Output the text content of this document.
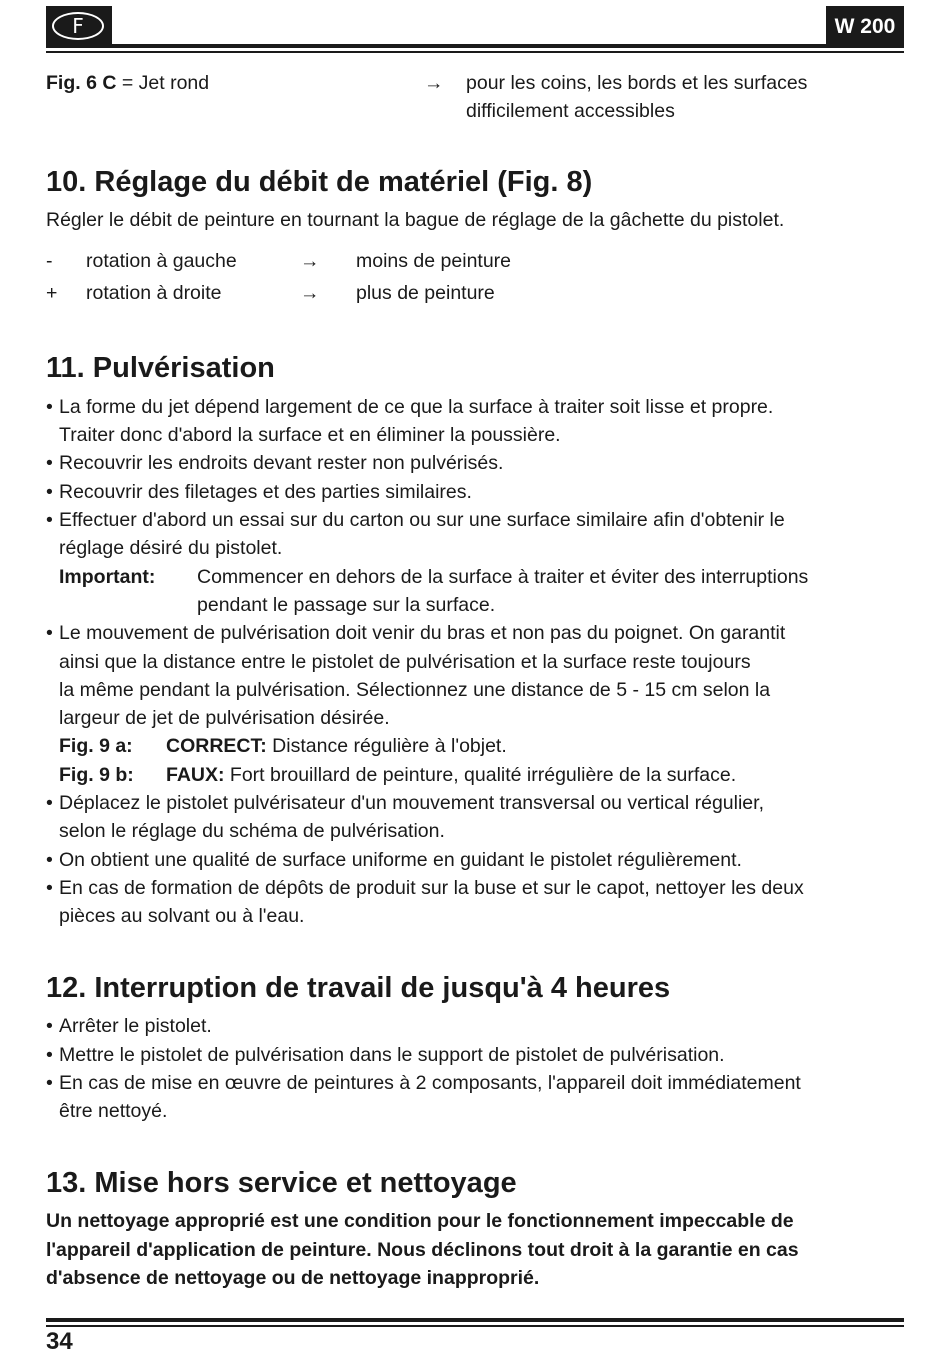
F	W 200
Fig. 6 C = Jet rond	→ pour les coins, les bords et les surfaces
difficilement accessibles
10. Réglage du débit de matériel (Fig. 8)
Régler le débit de peinture en tournant la bague de réglage de la gâchette du pistolet.
- rotation à gauche	→ moins de peinture
+ rotation à droite	→ plus de peinture
11. Pulvérisation
• La forme du jet dépend largement de ce que la surface à traiter soit lisse et propre.
Traiter donc d'abord la surface et en éliminer la poussière.
• Recouvrir les endroits devant rester non pulvérisés.
• Recouvrir des filetages et des parties similaires.
• Effectuer d'abord un essai sur du carton ou sur une surface similaire afin d'obtenir le
réglage désiré du pistolet.
Important: Commencer en dehors de la surface à traiter et éviter des interruptions
pendant le passage sur la surface.
• Le mouvement de pulvérisation doit venir du bras et non pas du poignet. On garantit
ainsi que la distance entre le pistolet de pulvérisation et la surface reste toujours
la même pendant la pulvérisation. Sélectionnez une distance de 5 - 15 cm selon la
largeur de jet de pulvérisation désirée.
Fig. 9 a: CORRECT: Distance régulière à l'objet.
Fig. 9 b: FAUX: Fort brouillard de peinture, qualité irrégulière de la surface.
• Déplacez le pistolet pulvérisateur d'un mouvement transversal ou vertical régulier,
selon le réglage du schéma de pulvérisation.
• On obtient une qualité de surface uniforme en guidant le pistolet régulièrement.
• En cas de formation de dépôts de produit sur la buse et sur le capot, nettoyer les deux
pièces au solvant ou à l'eau.
12. Interruption de travail de jusqu'à 4 heures
• Arrêter le pistolet.
• Mettre le pistolet de pulvérisation dans le support de pistolet de pulvérisation.
• En cas de mise en œuvre de peintures à 2 composants, l'appareil doit immédiatement
être nettoyé.
13. Mise hors service et nettoyage
Un nettoyage approprié est une condition pour le fonctionnement impeccable de
l'appareil d'application de peinture. Nous déclinons tout droit à la garantie en cas
d'absence de nettoyage ou de nettoyage inapproprié.
34
